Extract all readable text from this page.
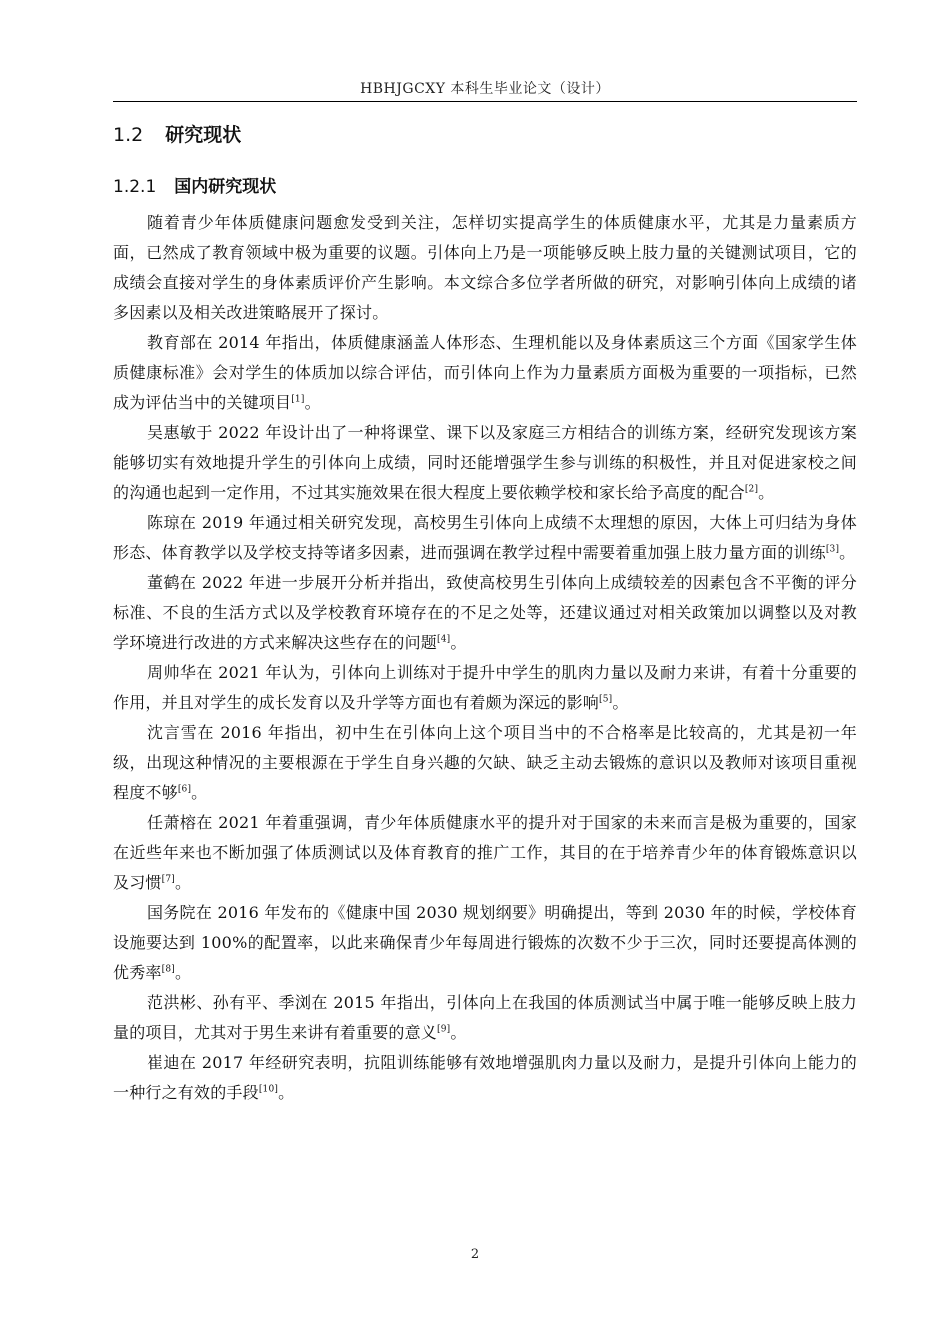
HBHJGCXY 本科生毕业论文（设计）
1.2 研究现状
1.2.1 国内研究现状

随着青少年体质健康问题愈发受到关注，怎样切实提高学生的体质健康水平，尤其是力量素质方面，已然成了教育领域中极为重要的议题。引体向上乃是一项能够反映上肢力量的关键测试项目，它的成绩会直接对学生的身体素质评价产生影响。本文综合多位学者所做的研究，对影响引体向上成绩的诸多因素以及相关改进策略展开了探讨。

教育部在 2014 年指出，体质健康涵盖人体形态、生理机能以及身体素质这三个方面《国家学生体质健康标准》会对学生的体质加以综合评估，而引体向上作为力量素质方面极为重要的一项指标，已然成为评估当中的关键项目[1]。

吴惠敏于 2022 年设计出了一种将课堂、课下以及家庭三方相结合的训练方案，经研究发现该方案能够切实有效地提升学生的引体向上成绩，同时还能增强学生参与训练的积极性，并且对促进家校之间的沟通也起到一定作用，不过其实施效果在很大程度上要依赖学校和家长给予高度的配合[2]。

陈琼在 2019 年通过相关研究发现，高校男生引体向上成绩不太理想的原因，大体上可归结为身体形态、体育教学以及学校支持等诸多因素，进而强调在教学过程中需要着重加强上肢力量方面的训练[3]。

董鹤在 2022 年进一步展开分析并指出，致使高校男生引体向上成绩较差的因素包含不平衡的评分标准、不良的生活方式以及学校教育环境存在的不足之处等，还建议通过对相关政策加以调整以及对教学环境进行改进的方式来解决这些存在的问题[4]。

周帅华在 2021 年认为，引体向上训练对于提升中学生的肌肉力量以及耐力来讲，有着十分重要的作用，并且对学生的成长发育以及升学等方面也有着颇为深远的影响[5]。

沈言雪在 2016 年指出，初中生在引体向上这个项目当中的不合格率是比较高的，尤其是初一年级，出现这种情况的主要根源在于学生自身兴趣的欠缺、缺乏主动去锻炼的意识以及教师对该项目重视程度不够[6]。

任萧榕在 2021 年着重强调，青少年体质健康水平的提升对于国家的未来而言是极为重要的，国家在近些年来也不断加强了体质测试以及体育教育的推广工作，其目的在于培养青少年的体育锻炼意识以及习惯[7]。

国务院在 2016 年发布的《健康中国 2030 规划纲要》明确提出，等到 2030 年的时候，学校体育设施要达到 100%的配置率，以此来确保青少年每周进行锻炼的次数不少于三次，同时还要提高体测的优秀率[8]。

范洪彬、孙有平、季浏在 2015 年指出，引体向上在我国的体质测试当中属于唯一能够反映上肢力量的项目，尤其对于男生来讲有着重要的意义[9]。

崔迪在 2017 年经研究表明，抗阻训练能够有效地增强肌肉力量以及耐力，是提升引体向上能力的一种行之有效的手段[10]。

2
